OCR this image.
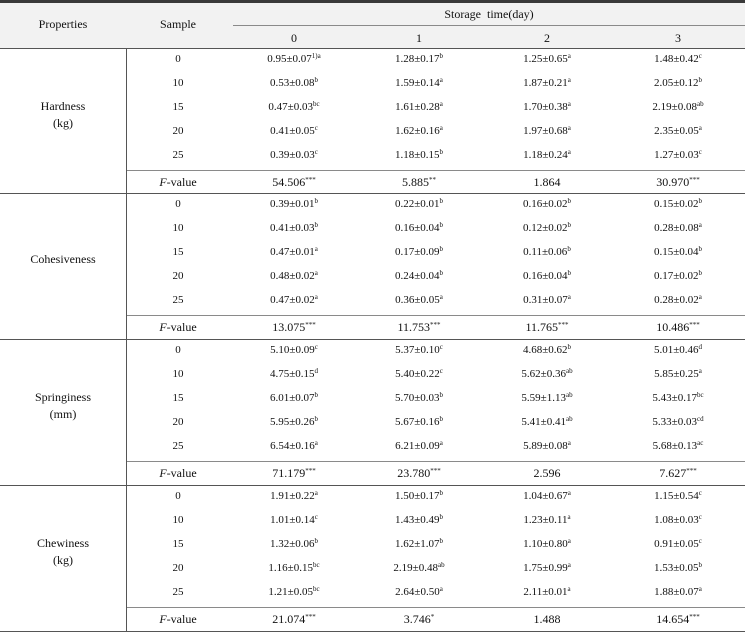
Properties	Sample
Storage  time(day)
0	1	2	3
Hardness
(kg)
0	$0.95\pm 0.07^{1)a}$	1.28±0.17$^b$	1.25±0.65$^a$	1.48±0.42$^c$
10	0.53±0.08$^b$	1.59±0.14$^a$	1.87±0.21$^a$	2.05±0.12$^b$
15	0.47±0.03$^{bc}$	1.61±0.28$^a$	1.70±0.38$^a$	2.19±0.08$^{ab}$
20	0.41±0.05$^c$	1.62±0.16$^a$	1.97±0.68$^a$	2.35±0.05$^a$
25	0.39±0.03$^c$	1.18±0.15$^b$	1.18±0.24$^a$	1.27±0.03$^c$
F-value	54.506***	5.885**	1.864	30.970***
Cohesiveness
0	0.39±0.01$^b$	0.22±0.01$^b$	0.16±0.02$^b$	0.15±0.02$^b$
10	0.41±0.03$^b$	0.16±0.04$^b$	0.12±0.02$^b$	0.28±0.08$^a$
15	0.47±0.01$^a$	0.17±0.09$^b$	0.11±0.06$^b$	0.15±0.04$^b$
20	0.48±0.02$^a$	0.24±0.04$^b$	0.16±0.04$^b$	0.17±0.02$^b$
25	0.47±0.02$^a$	0.36±0.05$^a$	0.31±0.07$^a$	0.28±0.02$^a$
F-value	13.075***	11.753***	11.765***	10.486***
Springiness
(mm)
0	5.10±0.09$^c$	5.37±0.10$^c$	4.68±0.62$^b$	5.01±0.46$^d$
10	4.75±0.15$^d$	5.40±0.22$^c$	5.62±0.36$^{ab}$	5.85±0.25$^a$
15	6.01±0.07$^b$	5.70±0.03$^b$	5.59±1.13$^{ab}$	5.43±0.17$^{bc}$
20	5.95±0.26$^b$	5.67±0.16$^b$	5.41±0.41$^{ab}$	5.33±0.03$^{cd}$
25	6.54±0.16$^a$	6.21±0.09$^a$	5.89±0.08$^a$	5.68±0.13$^{ac}$
F-value	71.179***	23.780***	2.596	7.627***
Chewiness
(kg)
0	1.91±0.22$^a$	1.50±0.17$^b$	1.04±0.67$^a$	1.15±0.54$^c$
10	1.01±0.14$^c$	1.43±0.49$^b$	1.23±0.11$^a$	1.08±0.03$^c$
15	1.32±0.06$^b$	1.62±1.07$^b$	1.10±0.80$^a$	0.91±0.05$^c$
20	1.16±0.15$^{bc}$	2.19±0.48$^{ab}$	1.75±0.99$^a$	1.53±0.05$^b$
25	1.21±0.05$^{bc}$	2.64±0.50$^a$	2.11±0.01$^a$	1.88±0.07$^a$
F-value	21.074***	3.746*	1.488	14.654***
